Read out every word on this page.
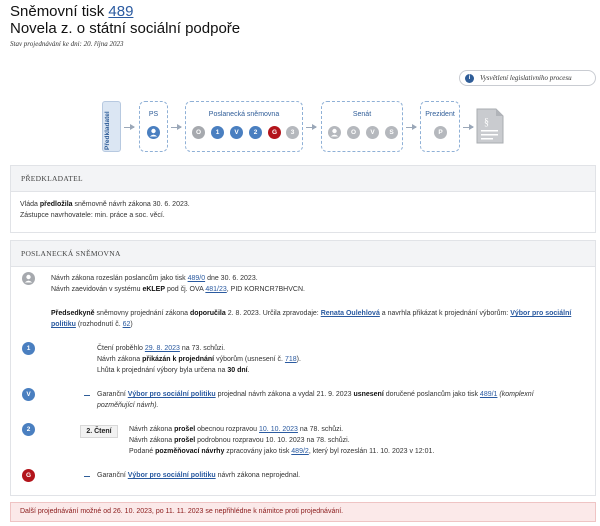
Sněmovní tisk 489
Novela z. o státní sociální podpoře
Stav projednávání ke dni: 20. října 2023
i	Vysvětlení legislativního procesu
Předkladatel	PS	Poslanecká sněmovna
O	1	V	2	G	3
Senát
O	V	S
Prezident
P
§
PŘEDKLADATEL
Vláda předložila sněmovně návrh zákona 30. 6. 2023.
Zástupce navrhovatele: min. práce a soc. věcí.
POSLANECKÁ SNĚMOVNA
Návrh zákona rozeslán poslancům jako tisk 489/0 dne 30. 6. 2023.
Návrh zaevidován v systému eKLEP pod čj. OVA 481/23, PID KORNCR7BHVCN.
Předsedkyně sněmovny projednání zákona doporučila 2. 8. 2023. Určila zpravodaje: Renata Oulehlová a navrhla přikázat k projednání výborům: Výbor pro sociální
politiku (rozhodnutí č. 62)
1	Čtení proběhlo 29. 8. 2023 na 73. schůzi.
Návrh zákona přikázán k projednání výborům (usnesení č. 718).
Lhůta k projednání výbory byla určena na 30 dní.
V	Garanční Výbor pro sociální politiku projednal návrh zákona a vydal 21. 9. 2023 usnesení doručené poslancům jako tisk 489/1 (komplexní
pozměňující návrh).
2	2. Čtení	Návrh zákona prošel obecnou rozpravou 10. 10. 2023 na 78. schůzi.
Návrh zákona prošel podrobnou rozpravou 10. 10. 2023 na 78. schůzi.
Podané pozměňovací návrhy zpracovány jako tisk 489/2, který byl rozeslán 11. 10. 2023 v 12:01.
G	Garanční Výbor pro sociální politiku návrh zákona neprojednal.
Další projednávání možné od 26. 10. 2023, po 11. 11. 2023 se nepřihlédne k námitce proti projednávání.
